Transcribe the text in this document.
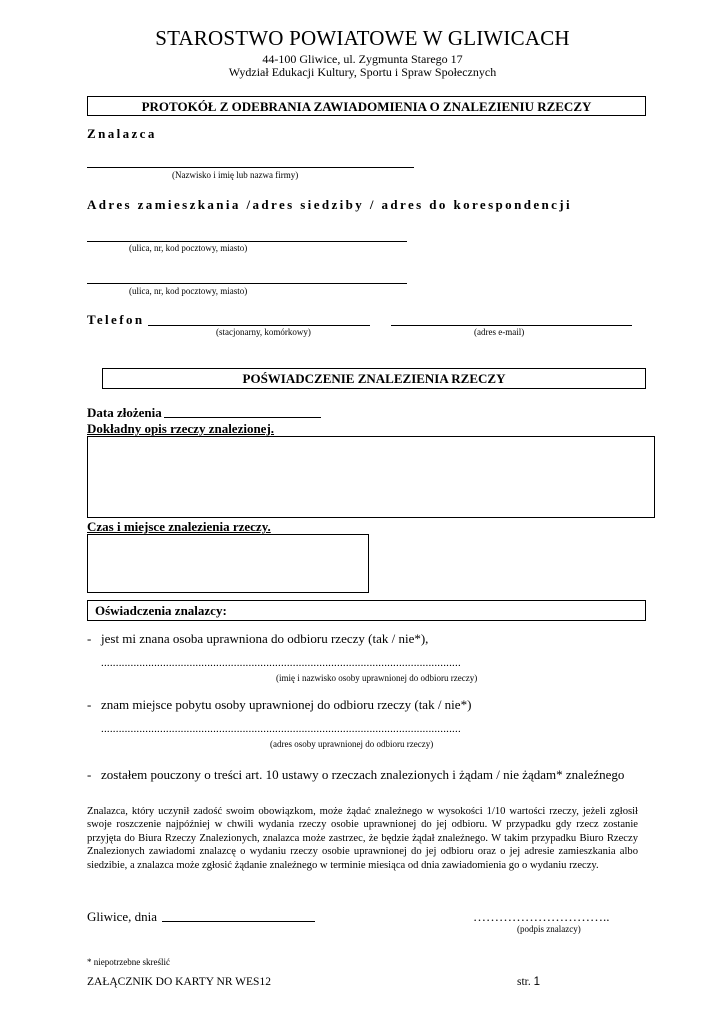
STAROSTWO POWIATOWE W GLIWICACH
44-100 Gliwice, ul. Zygmunta Starego 17
Wydział Edukacji Kultury, Sportu i Spraw Społecznych
PROTOKÓŁ Z ODEBRANIA ZAWIADOMIENIA O ZNALEZIENIU RZECZY
Znalazca
(Nazwisko i imię lub nazwa firmy)
Adres zamieszkania /adres siedziby / adres do korespondencji
(ulica, nr, kod pocztowy, miasto)
(ulica, nr, kod pocztowy, miasto)
Telefon
(stacjonarny, komórkowy)	(adres e-mail)
POŚWIADCZENIE ZNALEZIENIA RZECZY
Data złożenia
Dokładny opis rzeczy znalezionej.
Czas i miejsce znalezienia rzeczy.
Oświadczenia znalazcy:
- jest mi znana osoba uprawniona do odbioru rzeczy (tak / nie*),
..........................................................................................................................
(imię i nazwisko osoby uprawnionej do odbioru rzeczy)
- znam miejsce pobytu osoby uprawnionej do odbioru rzeczy (tak / nie*)
..........................................................................................................................
(adres osoby uprawnionej do odbioru rzeczy)
- zostałem pouczony o treści art. 10 ustawy o rzeczach znalezionych i żądam / nie żądam* znaleźnego
Znalazca, który uczynił zadość swoim obowiązkom, może żądać znaleźnego w wysokości 1/10 wartości rzeczy, jeżeli zgłosił swoje roszczenie najpóźniej w chwili wydania rzeczy osobie uprawnionej do jej odbioru. W przypadku gdy rzecz zostanie przyjęta do Biura Rzeczy Znalezionych, znalazca może zastrzec, że będzie żądał znaleźnego. W takim przypadku Biuro Rzeczy Znalezionych zawiadomi znalazcę o wydaniu rzeczy osobie uprawnionej do jej odbioru oraz o jej adresie zamieszkania albo siedzibie, a znalazca może zgłosić żądanie znaleźnego w terminie miesiąca od dnia zawiadomienia go o wydaniu rzeczy.
Gliwice, dnia	…………………………..
(podpis znalazcy)
* niepotrzebne skreślić
ZAŁĄCZNIK DO KARTY NR WES12	str. 1
